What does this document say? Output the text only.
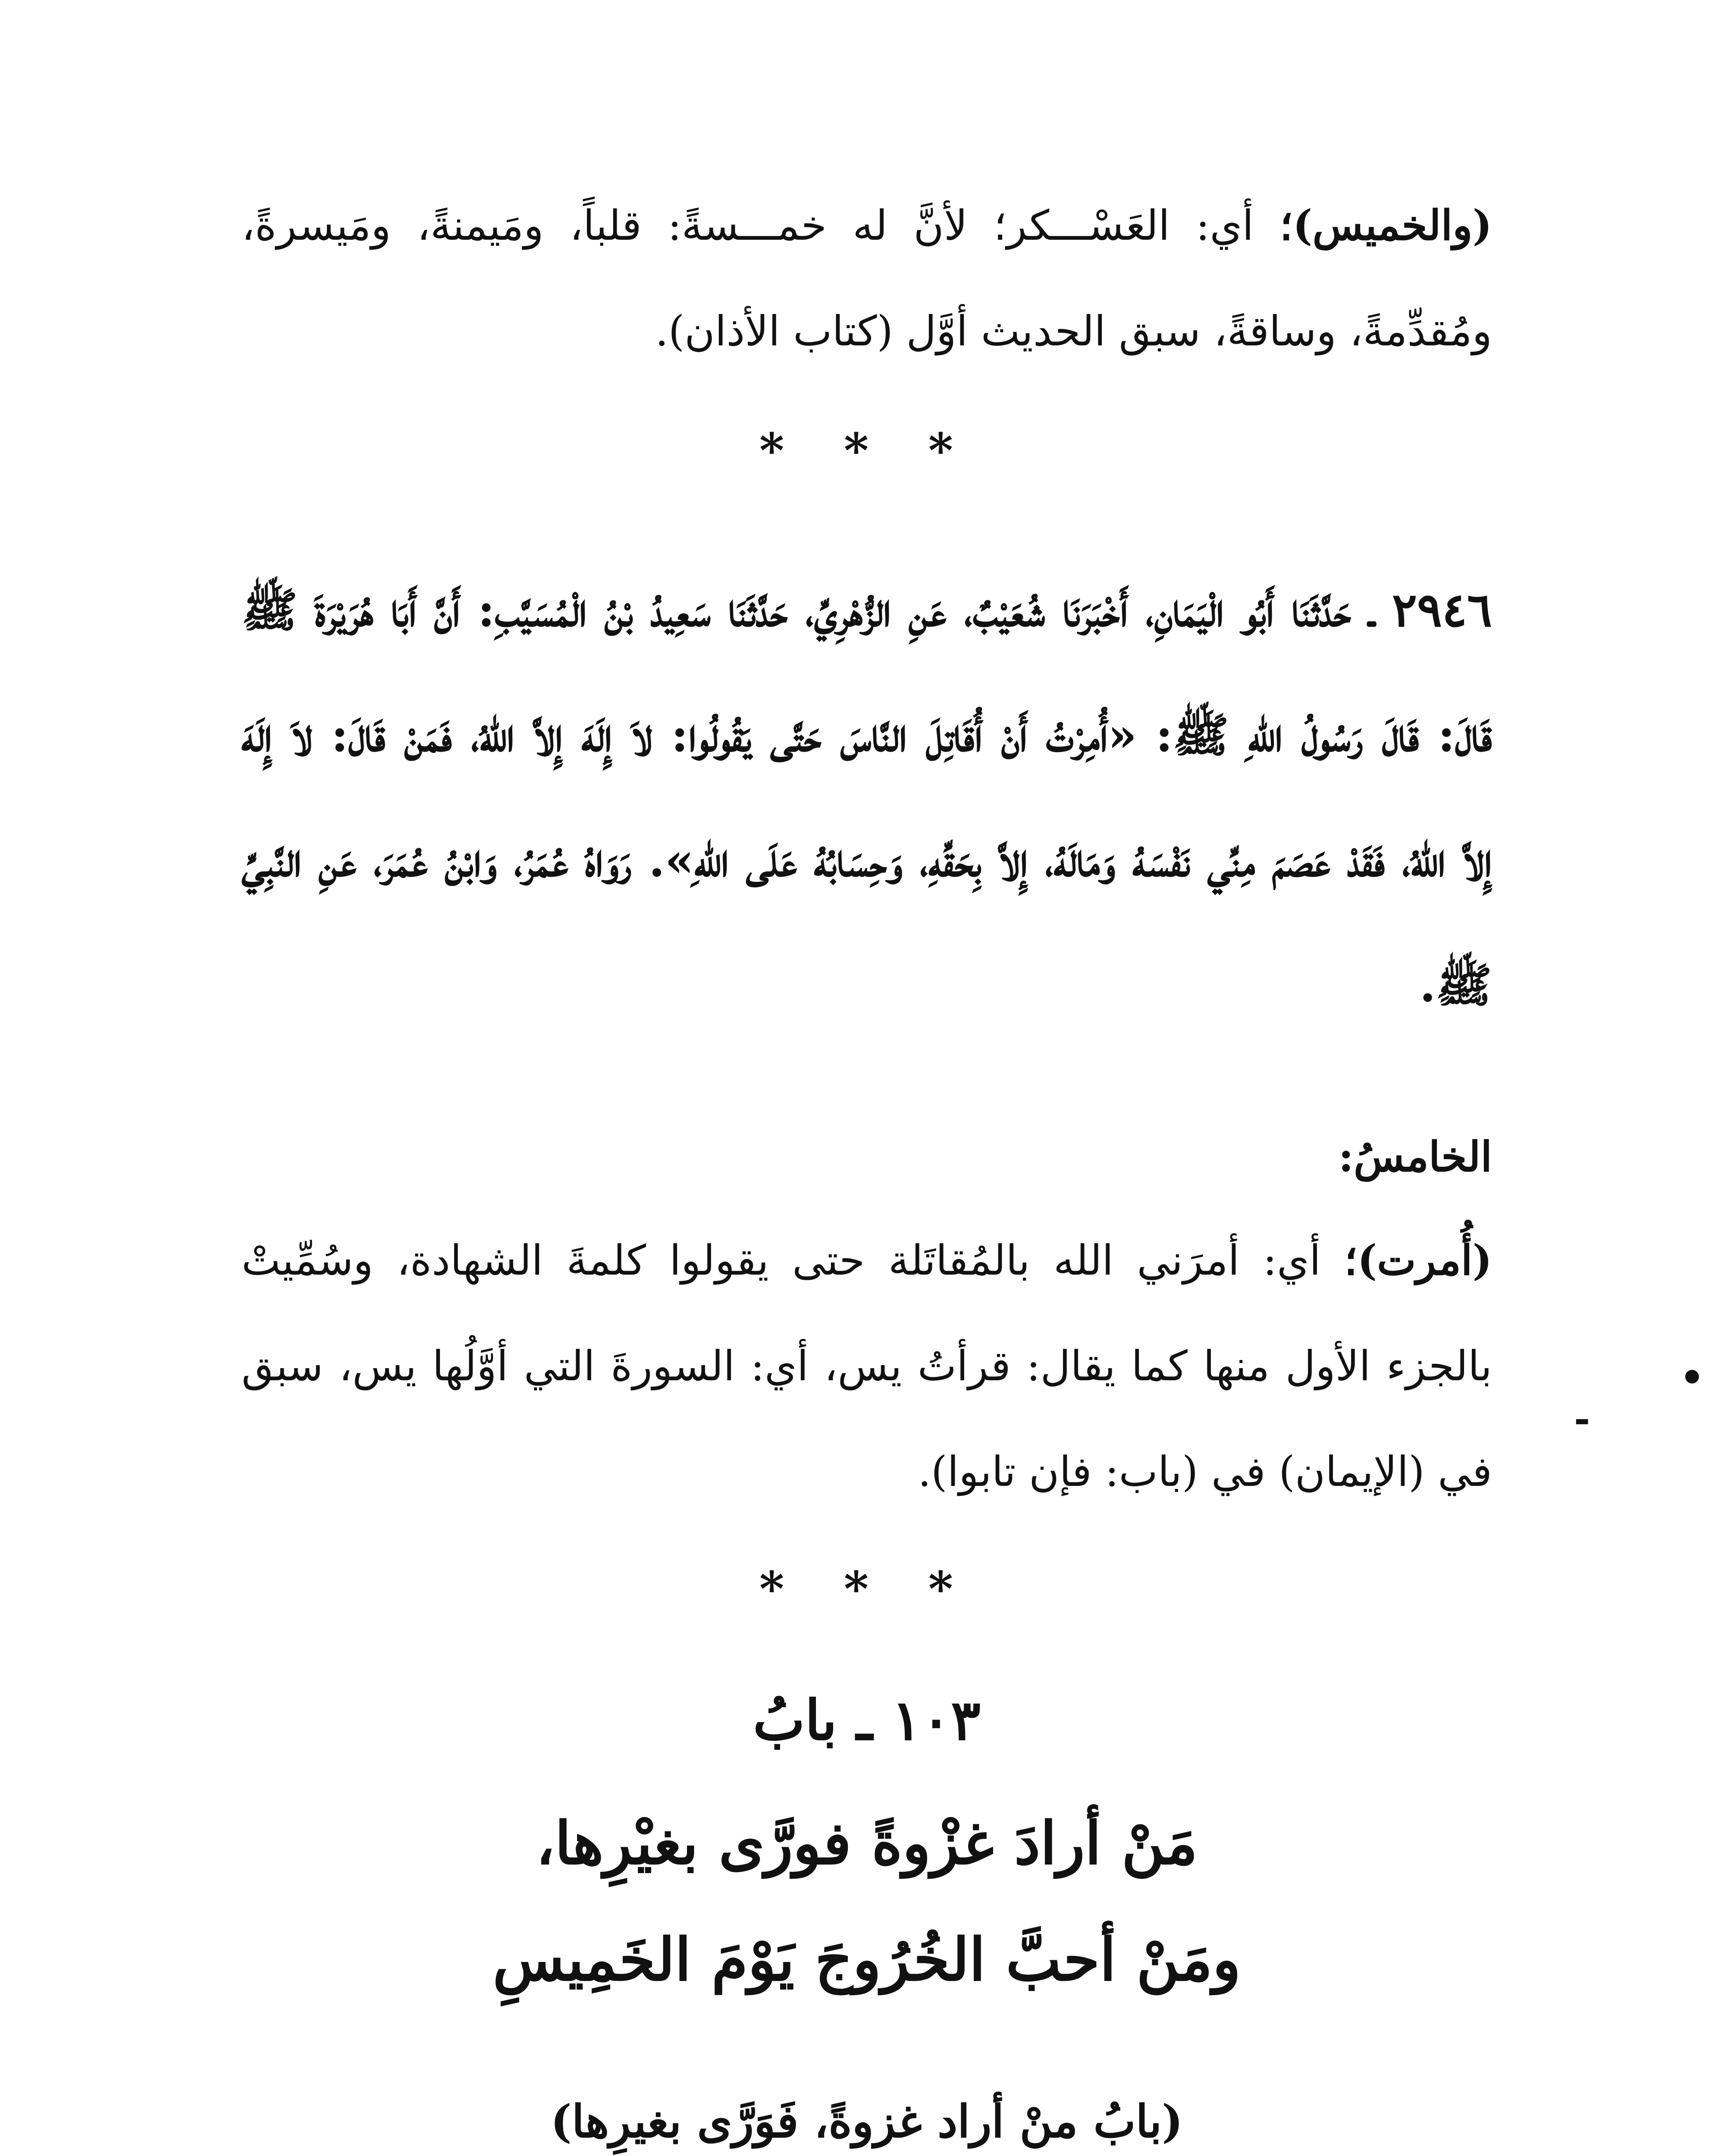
(والخميس)؛ أي: العَسْـــكر؛ لأنَّ له خمـــسةً: قلباً، ومَيمنةً، ومَيسرةً، ومُقدِّمةً، وساقةً، سبق الحديث أوَّل (كتاب الأذان).

* * *

٢٩٤٦ ـ حَدَّثَنَا أَبُو الْيَمَانِ، أَخْبَرَنَا شُعَيْبٌ، عَنِ الزُّهْرِيِّ، حَدَّثَنَا سَعِيدُ بْنُ الْمُسَيَّبِ: أَنَّ أَبَا هُرَيْرَةَ ﷺ قَالَ: قَالَ رَسُولُ اللهِ ﷺ: «أُمِرْتُ أَنْ أُقَاتِلَ النَّاسَ حَتَّى يَقُولُوا: لاَ إِلَهَ إِلاَّ اللهُ، فَمَنْ قَالَ: لاَ إِلَهَ إِلاَّ اللهُ، فَقَدْ عَصَمَ مِنِّي نَفْسَهُ وَمَالَهُ، إِلاَّ بِحَقِّهِ، وَحِسَابُهُ عَلَى اللهِ». رَوَاهُ عُمَرُ، وَابْنُ عُمَرَ، عَنِ النَّبِيِّ ﷺ.

الخامسُ:

(أُمرت)؛ أي: أمرَني الله بالمُقاتَلة حتى يقولوا كلمةَ الشهادة، وسُمِّيتْ بالجزء الأول منها كما يقال: قرأتُ يس، أي: السورةَ التي أوَّلُها يس، سبق في (الإيمان) في (باب: فإن تابوا).

* * *

١٠٣ ـ بابُ

مَنْ أرادَ غزْوةً فورَّى بغيْرِها،

ومَنْ أحبَّ الخُرُوجَ يَوْمَ الخَمِيسِ

(بابُ منْ أراد غزوةً، فَوَرَّى بغيرِها)

•
-
